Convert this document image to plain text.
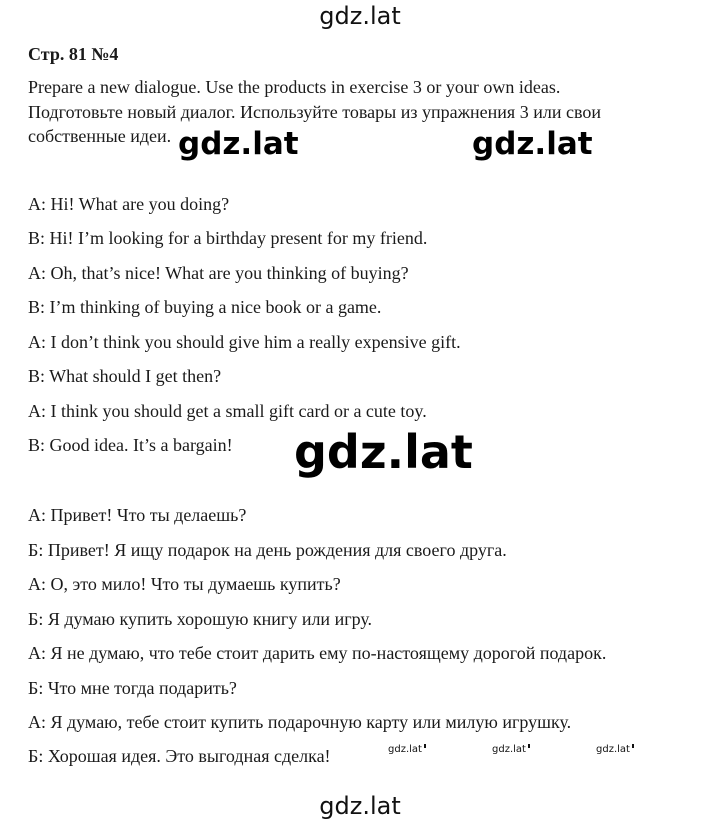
gdz.lat
Стр. 81 №4
Prepare a new dialogue. Use the products in exercise 3 or your own ideas.
Подготовьте новый диалог. Используйте товары из упражнения 3 или свои
собственные идеи. gdz.lat	gdz.lat
A: Hi! What are you doing?
B: Hi! I’m looking for a birthday present for my friend.
A: Oh, that’s nice! What are you thinking of buying?
B: I’m thinking of buying a nice book or a game.
A: I don’t think you should give him a really expensive gift.
B: What should I get then?
A: I think you should get a small gift card or a cute toy.
B: Good idea. It’s a bargain! gdz.lat
А: Привет! Что ты делаешь?
Б: Привет! Я ищу подарок на день рождения для своего друга.
А: О, это мило! Что ты думаешь купить?
Б: Я думаю купить хорошую книгу или игру.
А: Я не думаю, что тебе стоит дарить ему по-настоящему дорогой подарок.
Б: Что мне тогда подарить?
А: Я думаю, тебе стоит купить подарочную карту или милую игрушку.
Б: Хорошая идея. Это выгодная сделка!	gdz.lat	gdz.lat	gdz.lat
gdz.lat
